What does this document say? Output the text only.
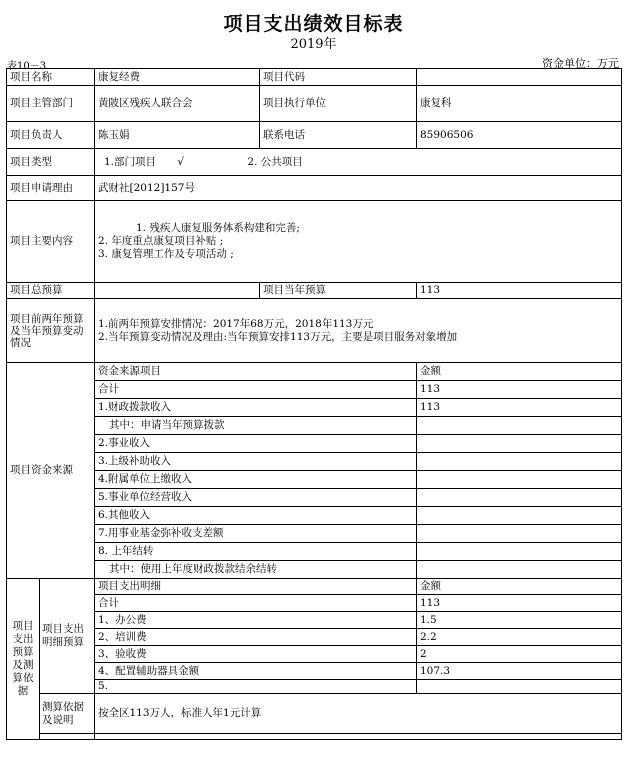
项目支出绩效目标表
2019年
表10－3	资金单位：万元
项目名称		康复经费	项目代码	
项目主管部门		黄陂区残疾人联合会	项目执行单位	康复科
项目负责人		陈玉娟	联系电话	85906506
项目类型		1.部门项目 √ 2. 公共项目		
项目申请理由		武财社[2012]157号		
项目主要内容		1. 残疾人康复服务体系构建和完善;
2. 年度重点康复项目补贴 ;
3. 康复管理工作及专项活动 ;		

项目总预算			项目当年预算	113
项目前两年预算及当年预算变动情况		1.前两年预算安排情况：2017年68万元，2018年113万元
2.当年预算变动情况及理由:当年预算安排113万元，主要是项目服务对象增加		

项目资金来源		资金来源项目		金额
		合计		113
		1.财政拨款收入		113
		其中：申请当年预算拨款		
		2.事业收入		
		3.上级补助收入		
		4.附属单位上缴收入		
		5.事业单位经营收入		
		6.其他收入		
		7.用事业基金弥补收支差额		
		8. 上年结转		
		其中：使用上年度财政拨款结余结转		
项目支出预算及测算依据	项目支出明细预算	项目支出明细		金额
		合计		113
		1、办公费		1.5
		2、培训费		2.2
		3、验收费		2
		4、配置辅助器具金额		107.3
		5.		
	测算依据及说明	按全区113万人，标准人年1元计算		
